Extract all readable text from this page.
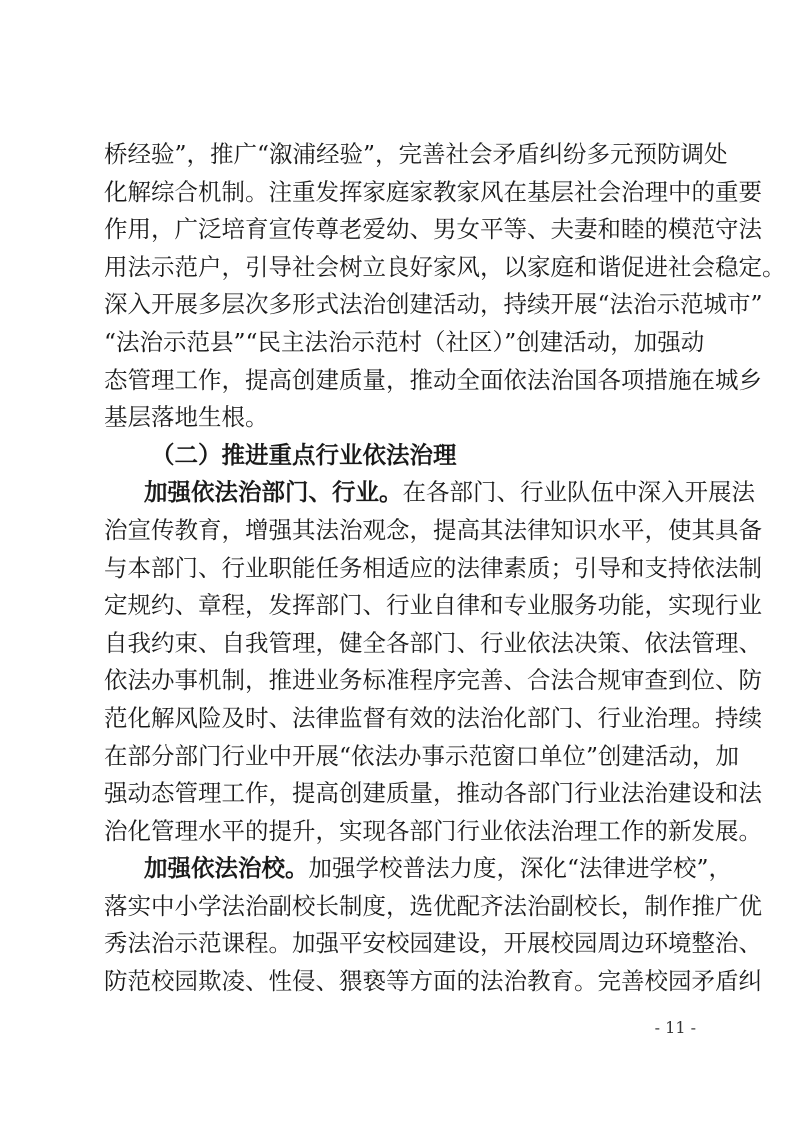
桥经验”，推广“溆浦经验”，完善社会矛盾纠纷多元预防调处
化解综合机制。注重发挥家庭家教家风在基层社会治理中的重要
作用，广泛培育宣传尊老爱幼、男女平等、夫妻和睦的模范守法
用法示范户，引导社会树立良好家风，以家庭和谐促进社会稳定。
深入开展多层次多形式法治创建活动，持续开展“法治示范城市”
“法治示范县”“民主法治示范村（社区）”创建活动，加强动
态管理工作，提高创建质量，推动全面依法治国各项措施在城乡
基层落地生根。
（二）推进重点行业依法治理
加强依法治部门、行业。在各部门、行业队伍中深入开展法
治宣传教育，增强其法治观念，提高其法律知识水平，使其具备
与本部门、行业职能任务相适应的法律素质；引导和支持依法制
定规约、章程，发挥部门、行业自律和专业服务功能，实现行业
自我约束、自我管理，健全各部门、行业依法决策、依法管理、
依法办事机制，推进业务标准程序完善、合法合规审查到位、防
范化解风险及时、法律监督有效的法治化部门、行业治理。持续
在部分部门行业中开展“依法办事示范窗口单位”创建活动，加
强动态管理工作，提高创建质量，推动各部门行业法治建设和法
治化管理水平的提升，实现各部门行业依法治理工作的新发展。
加强依法治校。加强学校普法力度，深化“法律进学校”，
落实中小学法治副校长制度，选优配齐法治副校长，制作推广优
秀法治示范课程。加强平安校园建设，开展校园周边环境整治、
防范校园欺凌、性侵、猥亵等方面的法治教育。完善校园矛盾纠
- 11 -
